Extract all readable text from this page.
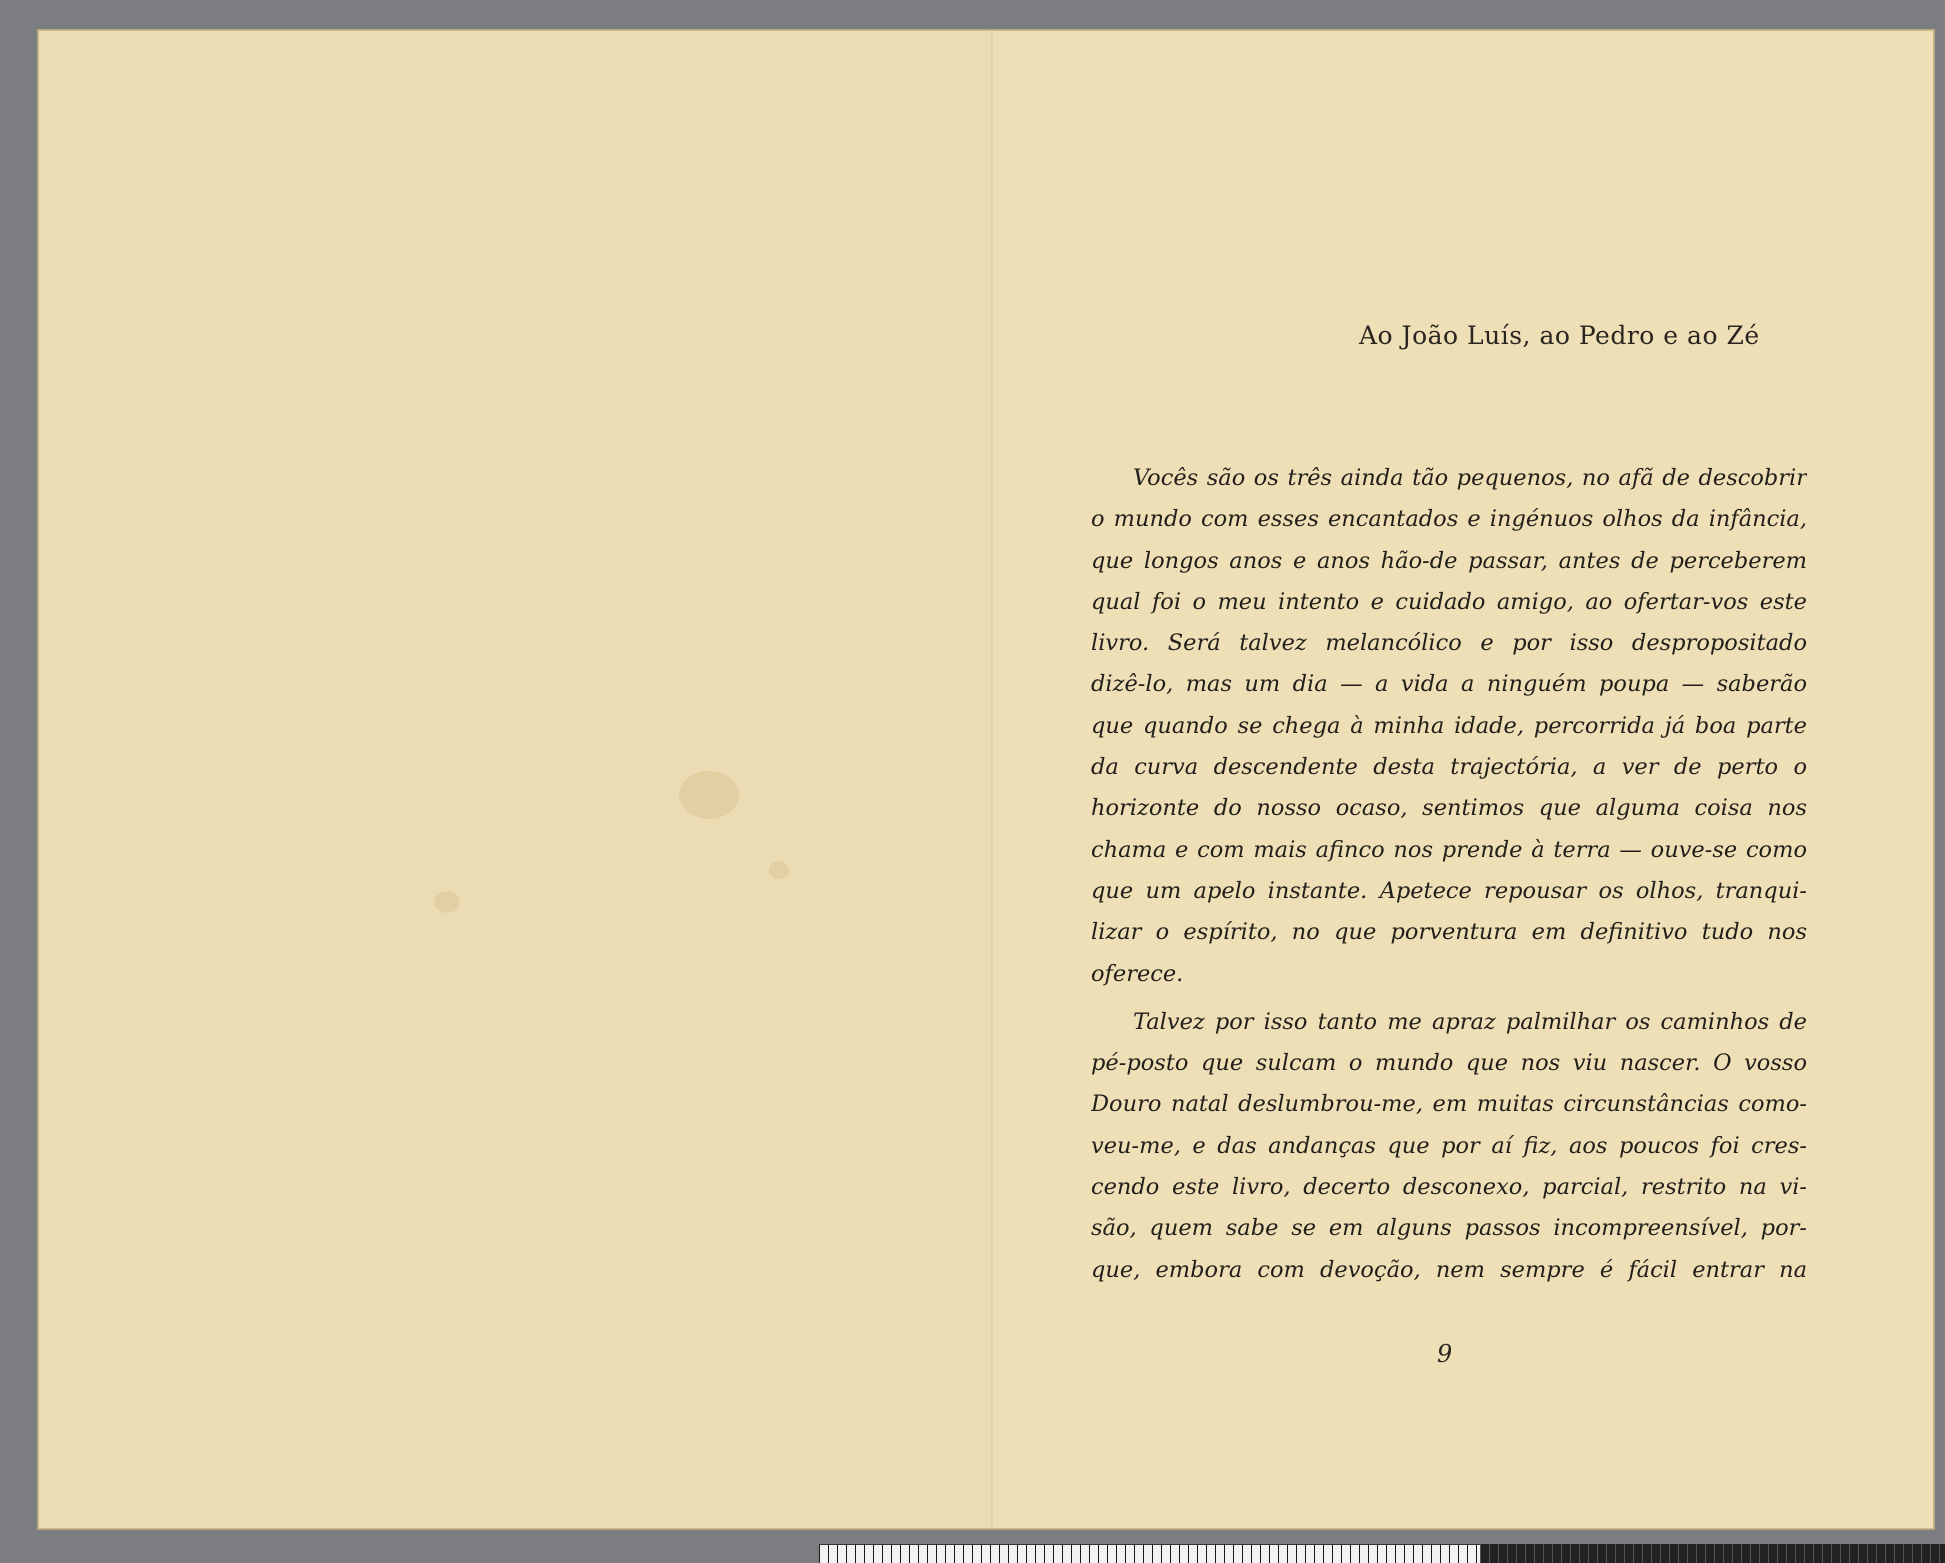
Ao João Luís, ao Pedro e ao Zé
Vocês são os três ainda tão pequenos, no afã de descobrir
o mundo com esses encantados e ingénuos olhos da infância,
que longos anos e anos hão-de passar, antes de perceberem
qual foi o meu intento e cuidado amigo, ao ofertar-vos este
livro. Será talvez melancólico e por isso despropositado
dizê-lo, mas um dia — a vida a ninguém poupa — saberão
que quando se chega à minha idade, percorrida já boa parte
da curva descendente desta trajectória, a ver de perto o
horizonte do nosso ocaso, sentimos que alguma coisa nos
chama e com mais afinco nos prende à terra — ouve-se como
que um apelo instante. Apetece repousar os olhos, tranqui-
lizar o espírito, no que porventura em definitivo tudo nos
oferece.
Talvez por isso tanto me apraz palmilhar os caminhos de
pé-posto que sulcam o mundo que nos viu nascer. O vosso
Douro natal deslumbrou-me, em muitas circunstâncias como-
veu-me, e das andanças que por aí fiz, aos poucos foi cres-
cendo este livro, decerto desconexo, parcial, restrito na vi-
são, quem sabe se em alguns passos incompreensível, por-
que, embora com devoção, nem sempre é fácil entrar na
9
